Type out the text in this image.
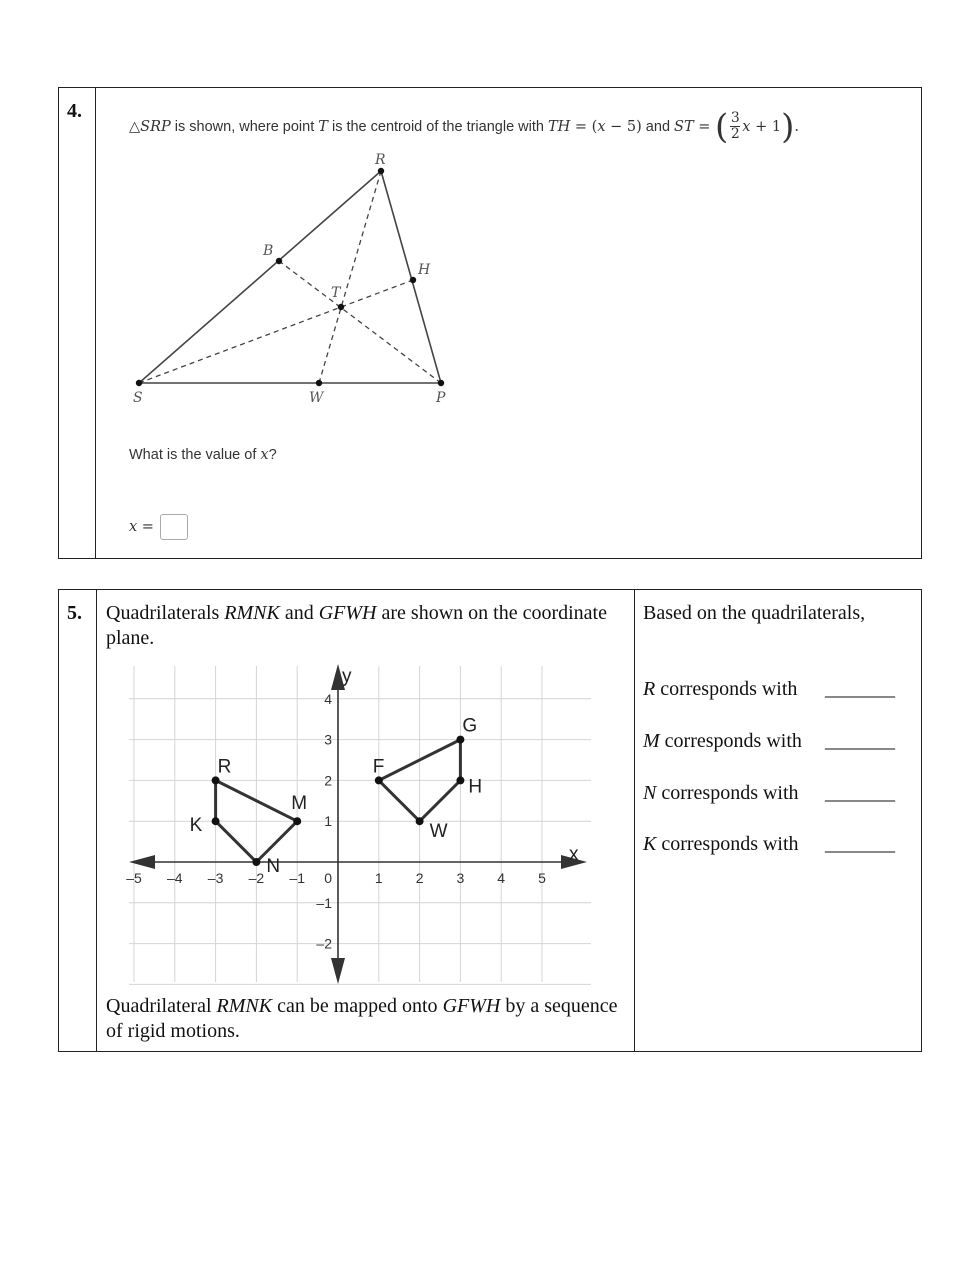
4.
△ SRP is shown, where point T is the centroid of the triangle with TH = ( x − 5) and ST = ( $\frac{3}{2}$ x + 1 ) .
R
B
H
T
S	W	P
What is the value of x?
x =
5. Quadrilaterals RMNK and GFWH are shown on the coordinate plane.
x
y
–5 –4 –3 –2 –1	1 2 3 4 5
4
3
2
1
–1
–2
0
R
M
N
K
G
F
W
H
Quadrilateral RMNK can be mapped onto GFWH by a sequence of rigid motions.
Based on the quadrilaterals,
R corresponds with _______
M corresponds with _______
N corresponds with _______
K corresponds with _______
